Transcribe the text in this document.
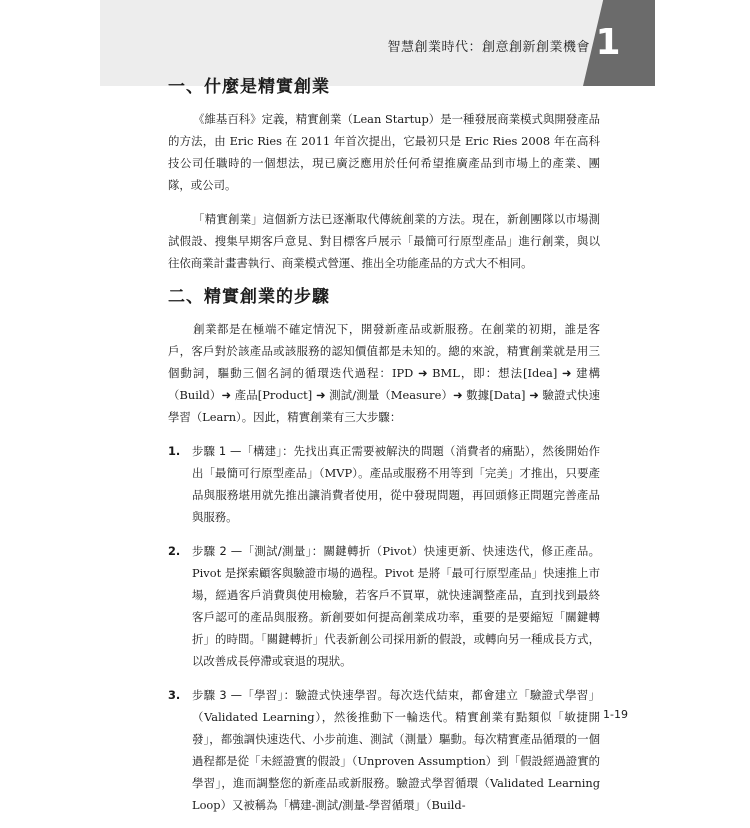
智慧創業時代：創意創新創業機會 1
一、什麼是精實創業

《維基百科》定義，精實創業（Lean Startup）是一種發展商業模式與開發產品的方法，由 Eric Ries 在 2011 年首次提出，它最初只是 Eric Ries 2008 年在高科技公司任職時的一個想法，現已廣泛應用於任何希望推廣產品到市場上的產業、團隊，或公司。

「精實創業」這個新方法已逐漸取代傳統創業的方法。現在，新創團隊以市場測試假設、搜集早期客戶意見、對目標客戶展示「最簡可行原型產品」進行創業，與以往依商業計畫書執行、商業模式營運、推出全功能產品的方式大不相同。

二、精實創業的步驟

創業都是在極端不確定情況下，開發新產品或新服務。在創業的初期，誰是客戶，客戶對於該產品或該服務的認知價值都是未知的。總的來說，精實創業就是用三個動詞，驅動三個名詞的循環迭代過程：IPD ➜ BML，即：想法[Idea] ➜ 建構（Build）➜ 產品[Product] ➜ 測試/測量（Measure）➜ 數據[Data] ➜ 驗證式快速學習（Learn）。因此，精實創業有三大步驟：

1. 步驟 1 —「構建」：先找出真正需要被解決的問題（消費者的痛點），然後開始作出「最簡可行原型產品」（MVP）。產品或服務不用等到「完美」才推出，只要產品與服務堪用就先推出讓消費者使用，從中發現問題，再回頭修正問題完善產品與服務。
2. 步驟 2 —「測試/測量」：關鍵轉折（Pivot）快速更新、快速迭代，修正產品。Pivot 是探索顧客與驗證市場的過程。Pivot 是將「最可行原型產品」快速推上市場，經過客戶消費與使用檢驗，若客戶不買單，就快速調整產品，直到找到最終客戶認可的產品與服務。新創要如何提高創業成功率，重要的是要縮短「關鍵轉折」的時間。「關鍵轉折」代表新創公司採用新的假設，或轉向另一種成長方式，以改善成長停滯或衰退的現狀。
3. 步驟 3 —「學習」：驗證式快速學習。每次迭代結束，都會建立「驗證式學習」（Validated Learning），然後推動下一輪迭代。精實創業有點類似「敏捷開發」，都強調快速迭代、小步前進、測試（測量）驅動。每次精實產品循環的一個過程都是從「未經證實的假設」（Unproven Assumption）到「假設經過證實的學習」，進而調整您的新產品或新服務。驗證式學習循環（Validated Learning Loop）又被稱為「構建-測試/測量-學習循環」（Build-
1-19
